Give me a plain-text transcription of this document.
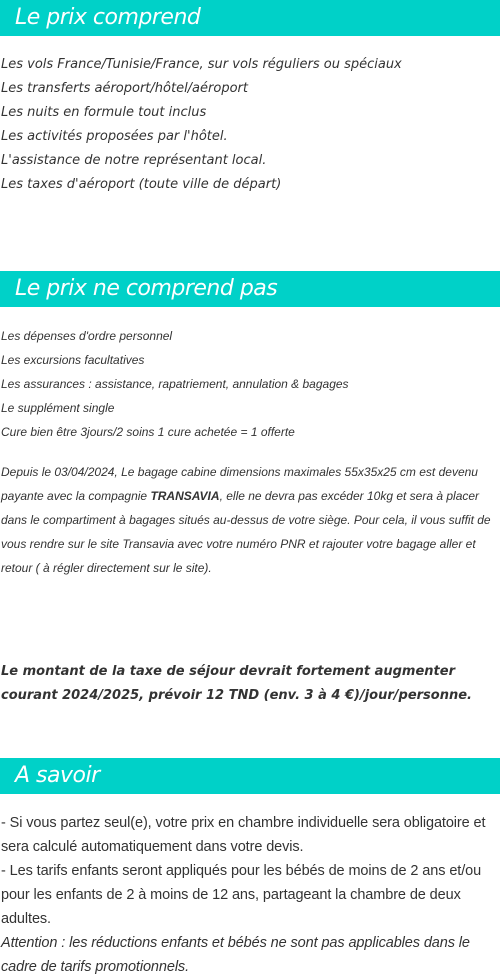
Le prix comprend
Les vols France/Tunisie/France, sur vols réguliers ou spéciaux
Les transferts aéroport/hôtel/aéroport
Les nuits en formule tout inclus
Les activités proposées par l'hôtel.
L'assistance de notre représentant local.
Les taxes d'aéroport (toute ville de départ)
Le prix ne comprend pas
Les dépenses d'ordre personnel
Les excursions facultatives
Les assurances : assistance, rapatriement, annulation & bagages
Le supplément single
Cure bien être 3jours/2 soins 1 cure achetée = 1 offerte

Depuis le 03/04/2024, Le bagage cabine dimensions maximales 55x35x25 cm est devenu payante avec la compagnie TRANSAVIA, elle ne devra pas excéder 10kg et sera à placer dans le compartiment à bagages situés au-dessus de votre siège. Pour cela, il vous suffit de vous rendre sur le site Transavia avec votre numéro PNR et rajouter votre bagage aller et retour ( à régler directement sur le site).

Le montant de la taxe de séjour devrait fortement augmenter courant 2024/2025, prévoir 12 TND (env. 3 à 4 €)/jour/personne.

A savoir

- Si vous partez seul(e), votre prix en chambre individuelle sera obligatoire et sera calculé automatiquement dans votre devis.

- Les tarifs enfants seront appliqués pour les bébés de moins de 2 ans et/ou pour les enfants de 2 à moins de 12 ans, partageant la chambre de deux adultes.

Attention : les réductions enfants et bébés ne sont pas applicables dans le cadre de tarifs promotionnels.
